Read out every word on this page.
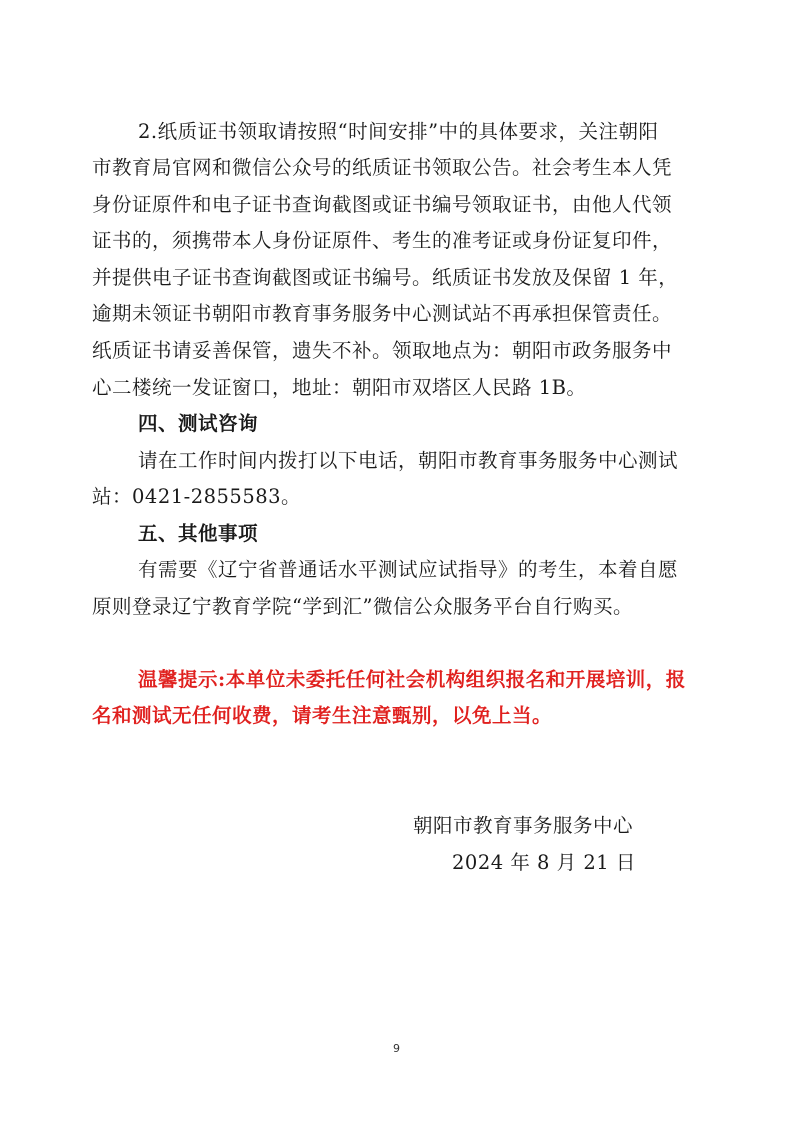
2.纸质证书领取请按照“时间安排”中的具体要求，关注朝阳
市教育局官网和微信公众号的纸质证书领取公告。社会考生本人凭
身份证原件和电子证书查询截图或证书编号领取证书，由他人代领
证书的，须携带本人身份证原件、考生的准考证或身份证复印件，
并提供电子证书查询截图或证书编号。纸质证书发放及保留 1 年，
逾期未领证书朝阳市教育事务服务中心测试站不再承担保管责任。
纸质证书请妥善保管，遗失不补。领取地点为：朝阳市政务服务中
心二楼统一发证窗口，地址：朝阳市双塔区人民路 1B。
四、测试咨询
请在工作时间内拨打以下电话，朝阳市教育事务服务中心测试
站：0421-2855583。
五、其他事项
有需要《辽宁省普通话水平测试应试指导》的考生，本着自愿
原则登录辽宁教育学院“学到汇”微信公众服务平台自行购买。
温馨提示:本单位未委托任何社会机构组织报名和开展培训，报
名和测试无任何收费，请考生注意甄别，以免上当。
朝阳市教育事务服务中心
2024 年 8 月 21 日
9
